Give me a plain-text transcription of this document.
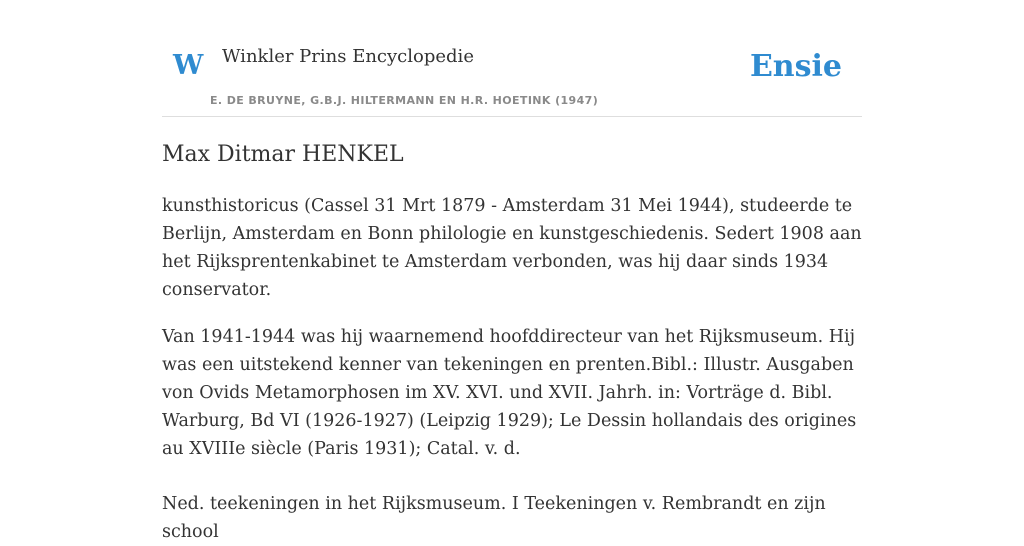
W Winkler Prins Encyclopedie
E. DE BRUYNE, G.B.J. HILTERMANN EN H.R. HOETINK (1947)
Ensie
Max Ditmar HENKEL

kunsthistoricus (Cassel 31 Mrt 1879 - Amsterdam 31 Mei 1944), studeerde te Berlijn, Amsterdam en Bonn philologie en kunstgeschiedenis. Sedert 1908 aan het Rijksprentenkabinet te Amsterdam verbonden, was hij daar sinds 1934 conservator.

Van 1941-1944 was hij waarnemend hoofddirecteur van het Rijksmuseum. Hij was een uitstekend kenner van tekeningen en prenten.Bibl.: Illustr. Ausgaben von Ovids Metamorphosen im XV. XVI. und XVII. Jahrh. in: Vorträge d. Bibl. Warburg, Bd VI (1926-1927) (Leipzig 1929); Le Dessin hollandais des origines au XVIIIe siècle (Paris 1931); Catal. v. d.

Ned. teekeningen in het Rijksmuseum. I Teekeningen v. Rembrandt en zijn school
